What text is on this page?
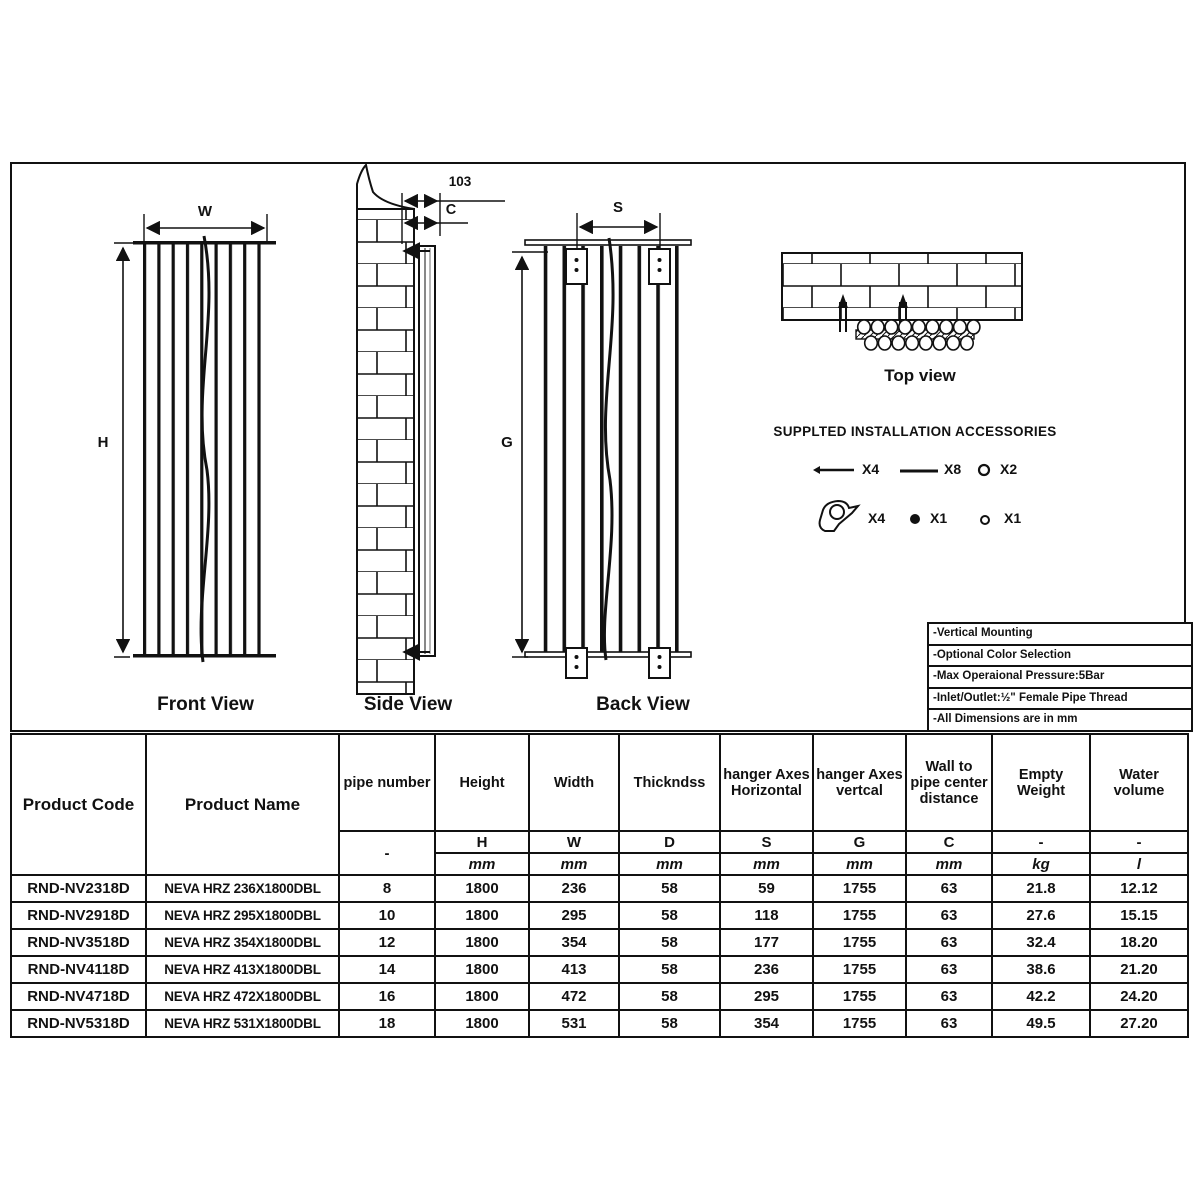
W
H
103
C	S
G
Front View	Side View	Back View
Top view
SUPPLTED INSTALLATION ACCESSORIES
X4	X8	X2
X4	X1	X1
-Vertical Mounting
-Optional Color Selection
-Max Operaional Pressure:5Bar
-Inlet/Outlet:½" Female Pipe Thread
-All Dimensions are in mm
Product Code	Product Name	pipe number	Height	Width	Thickndss	hanger Axes Horizontal	hanger Axes vertcal	Wall to pipe center distance	Empty Weight	Water volume
		-	H	W	D	S	G	C	-	-
			mm	mm	mm	mm	mm	mm	kg	l
RND-NV2318D	NEVA HRZ 236X1800DBL	8	1800	236	58	59	1755	63	21.8	12.12
RND-NV2918D	NEVA HRZ 295X1800DBL	10	1800	295	58	118	1755	63	27.6	15.15
RND-NV3518D	NEVA HRZ 354X1800DBL	12	1800	354	58	177	1755	63	32.4	18.20
RND-NV4118D	NEVA HRZ 413X1800DBL	14	1800	413	58	236	1755	63	38.6	21.20
RND-NV4718D	NEVA HRZ 472X1800DBL	16	1800	472	58	295	1755	63	42.2	24.20
RND-NV5318D	NEVA HRZ 531X1800DBL	18	1800	531	58	354	1755	63	49.5	27.20
